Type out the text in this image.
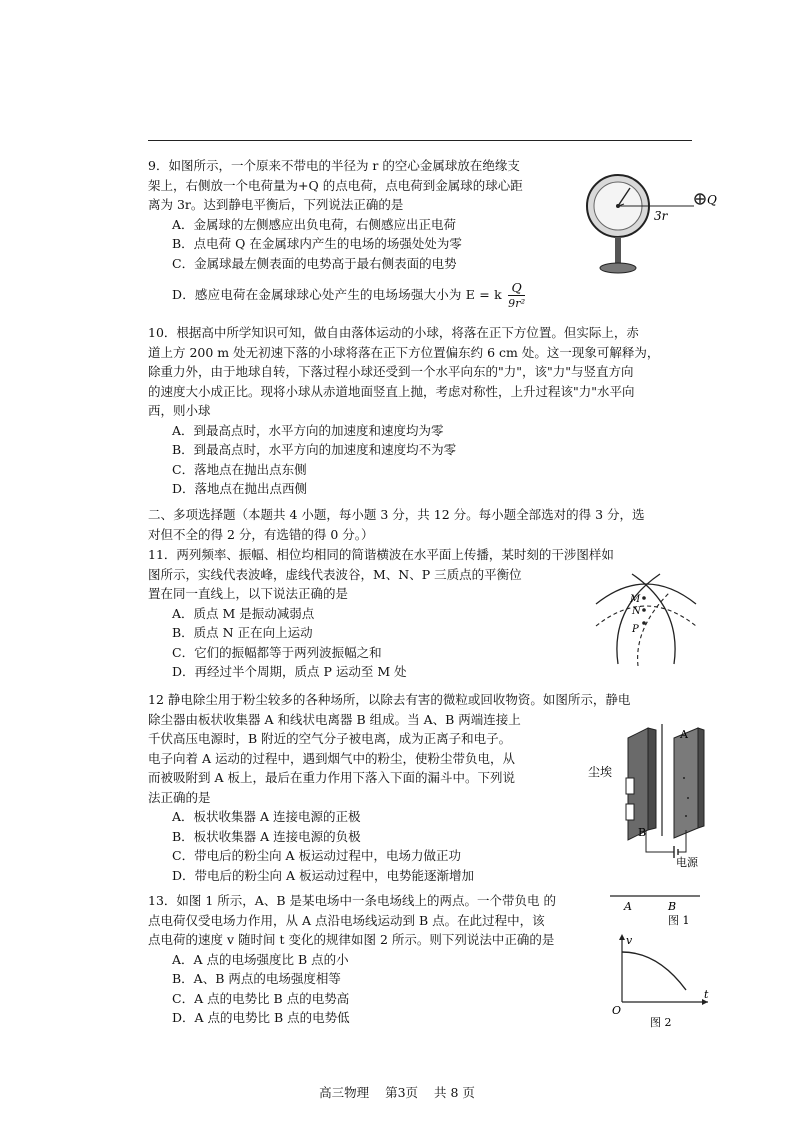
9．如图所示，一个原来不带电的半径为 r 的空心金属球放在绝缘支
架上，右侧放一个电荷量为+Q 的点电荷，点电荷到金属球的球心距
离为 3r。达到静电平衡后，下列说法正确的是
A．金属球的左侧感应出负电荷，右侧感应出正电荷
B．点电荷 Q 在金属球内产生的电场的场强处处为零
C．金属球最左侧表面的电势高于最右侧表面的电势
D．感应电荷在金属球球心处产生的电场场强大小为 E = k $\frac{Q}{\text{9r²}}$
3r
Q
10．根据高中所学知识可知，做自由落体运动的小球，将落在正下方位置。但实际上，赤
道上方 200 m 处无初速下落的小球将落在正下方位置偏东约 6 cm 处。这一现象可解释为，
除重力外，由于地球自转，下落过程小球还受到一个水平向东的"力"，该"力"与竖直方向
的速度大小成正比。现将小球从赤道地面竖直上抛，考虑对称性，上升过程该"力"水平向
西，则小球
A．到最高点时，水平方向的加速度和速度均为零
B．到最高点时，水平方向的加速度和速度均不为零
C．落地点在抛出点东侧
D．落地点在抛出点西侧
二、多项选择题（本题共 4 小题，每小题 3 分，共 12 分。每小题全部选对的得 3 分，选
对但不全的得 2 分，有选错的得 0 分。）
11．两列频率、振幅、相位均相同的简谐横波在水平面上传播，某时刻的干涉图样如
图所示，实线代表波峰，虚线代表波谷，M、N、P 三质点的平衡位
置在同一直线上，以下说法正确的是
A．质点 M 是振动减弱点
B．质点 N 正在向上运动
C．它们的振幅都等于两列波振幅之和
D．再经过半个周期，质点 P 运动至 M 处
M
N
P
12 静电除尘用于粉尘较多的各种场所，以除去有害的微粒或回收物资。如图所示，静电
除尘器由板状收集器 A 和线状电离器 B 组成。当 A、B 两端连接上
千伏高压电源时，B 附近的空气分子被电离，成为正离子和电子。
电子向着 A 运动的过程中，遇到烟气中的粉尘，使粉尘带负电，从
而被吸附到 A 板上，最后在重力作用下落入下面的漏斗中。下列说
法正确的是
A．板状收集器 A 连接电源的正极
B．板状收集器 A 连接电源的负极
C．带电后的粉尘向 A 板运动过程中，电场力做正功
D．带电后的粉尘向 A 板运动过程中，电势能逐渐增加
尘埃
A
B
电源
13．如图 1 所示，A、B 是某电场中一条电场线上的两点。一个带负电 的
点电荷仅受电场力作用，从 A 点沿电场线运动到 B 点。在此过程中，该
点电荷的速度 v 随时间 t 变化的规律如图 2 所示。则下列说法中正确的是
A．A 点的电场强度比 B 点的小
B．A、B 两点的电场强度相等
C．A 点的电势比 B 点的电势高
D．A 点的电势比 B 点的电势低
A	B
图 1
v
t
O
图 2
高三物理 第3页 共 8 页
